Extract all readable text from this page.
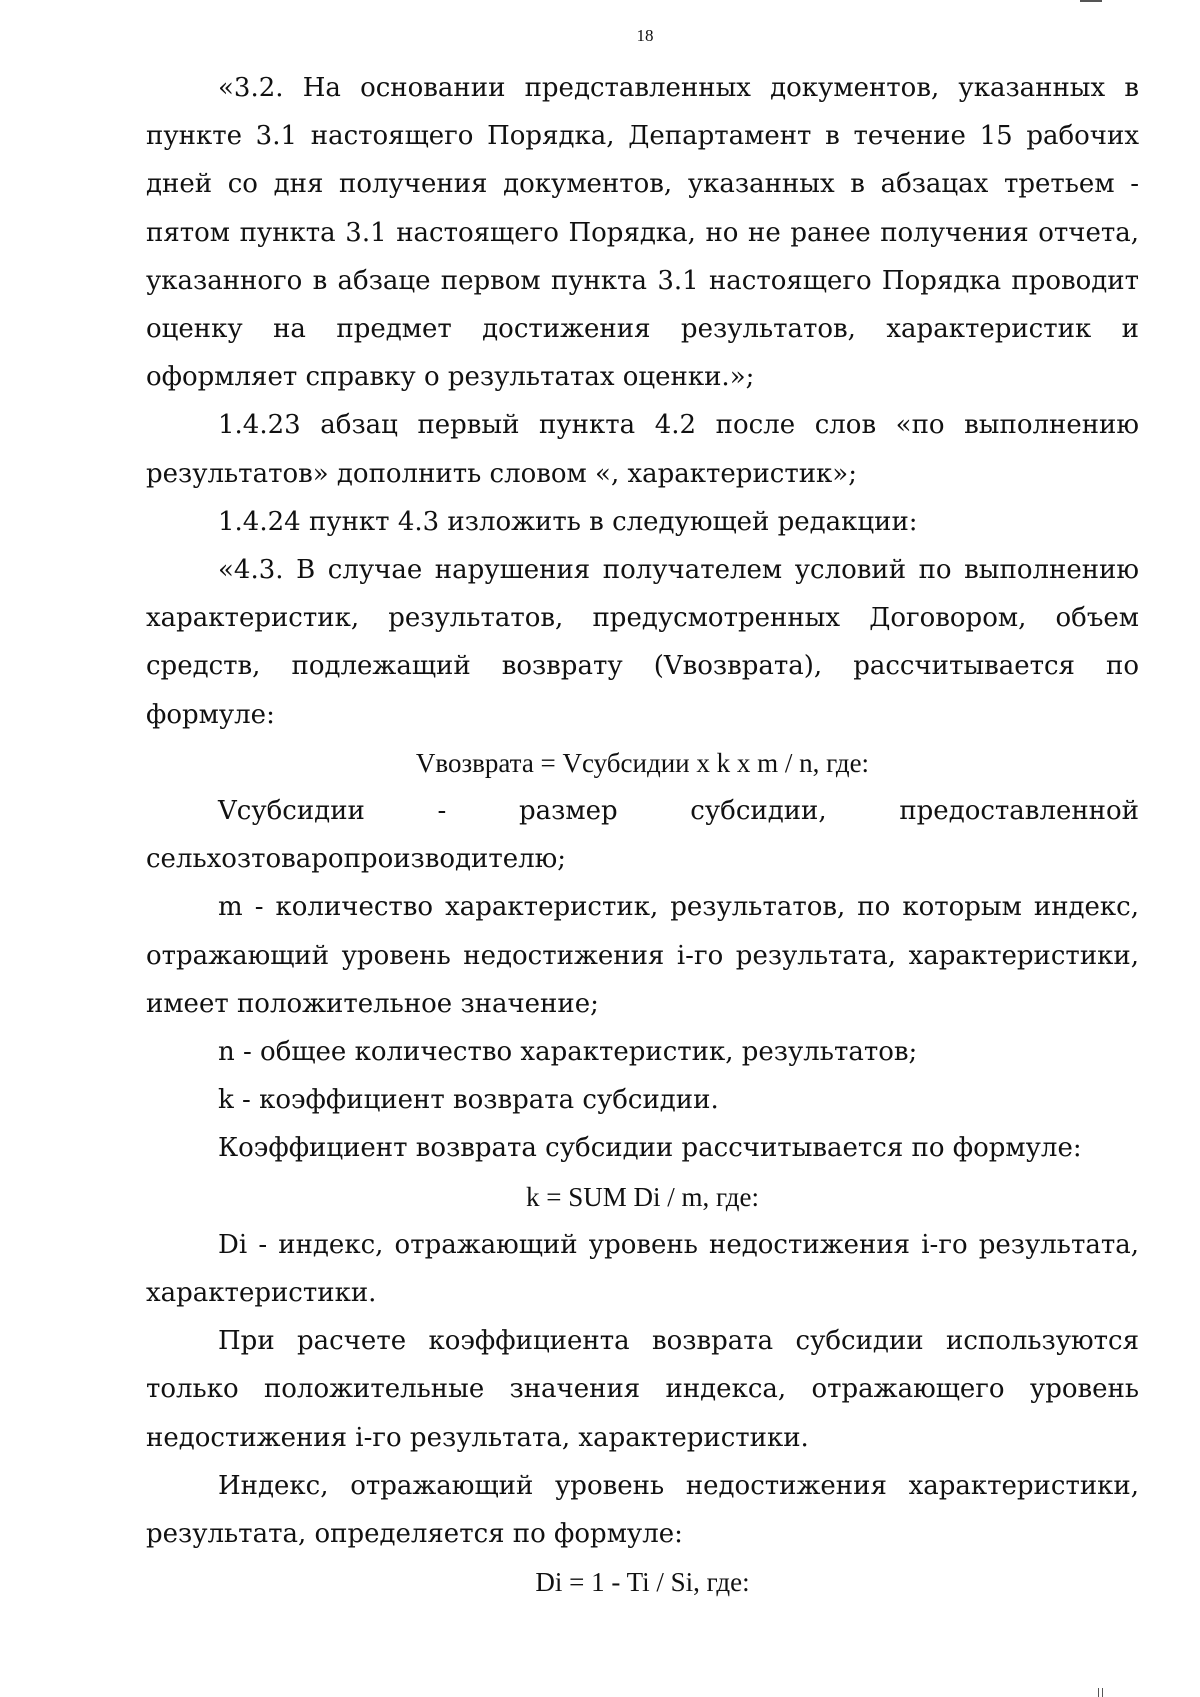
18

«3.2. На основании представленных документов, указанных в пункте 3.1 настоящего Порядка, Департамент в течение 15 рабочих дней со дня получения документов, указанных в абзацах третьем - пятом пункта 3.1 настоящего Порядка, но не ранее получения отчета, указанного в абзаце первом пункта 3.1 настоящего Порядка проводит оценку на предмет достижения результатов, характеристик и оформляет справку о результатах оценки.»;

1.4.23 абзац первый пункта 4.2 после слов «по выполнению результатов» дополнить словом «, характеристик»;

1.4.24 пункт 4.3 изложить в следующей редакции:

«4.3. В случае нарушения получателем условий по выполнению характеристик, результатов, предусмотренных Договором, объем средств, подлежащий возврату (Vвозврата), рассчитывается по формуле:

Vвозврата = Vсубсидии x k x m / n, где:

Vсубсидии - размер субсидии, предоставленной сельхозтоваропроизводителю;

m - количество характеристик, результатов, по которым индекс, отражающий уровень недостижения i-го результата, характеристики, имеет положительное значение;

n - общее количество характеристик, результатов;

k - коэффициент возврата субсидии.

Коэффициент возврата субсидии рассчитывается по формуле:

k = SUM Di / m, где:

Di - индекс, отражающий уровень недостижения i-го результата, характеристики.

При расчете коэффициента возврата субсидии используются только положительные значения индекса, отражающего уровень недостижения i-го результата, характеристики.

Индекс, отражающий уровень недостижения характеристики, результата, определяется по формуле:

Di = 1 - Ti / Si, где:
